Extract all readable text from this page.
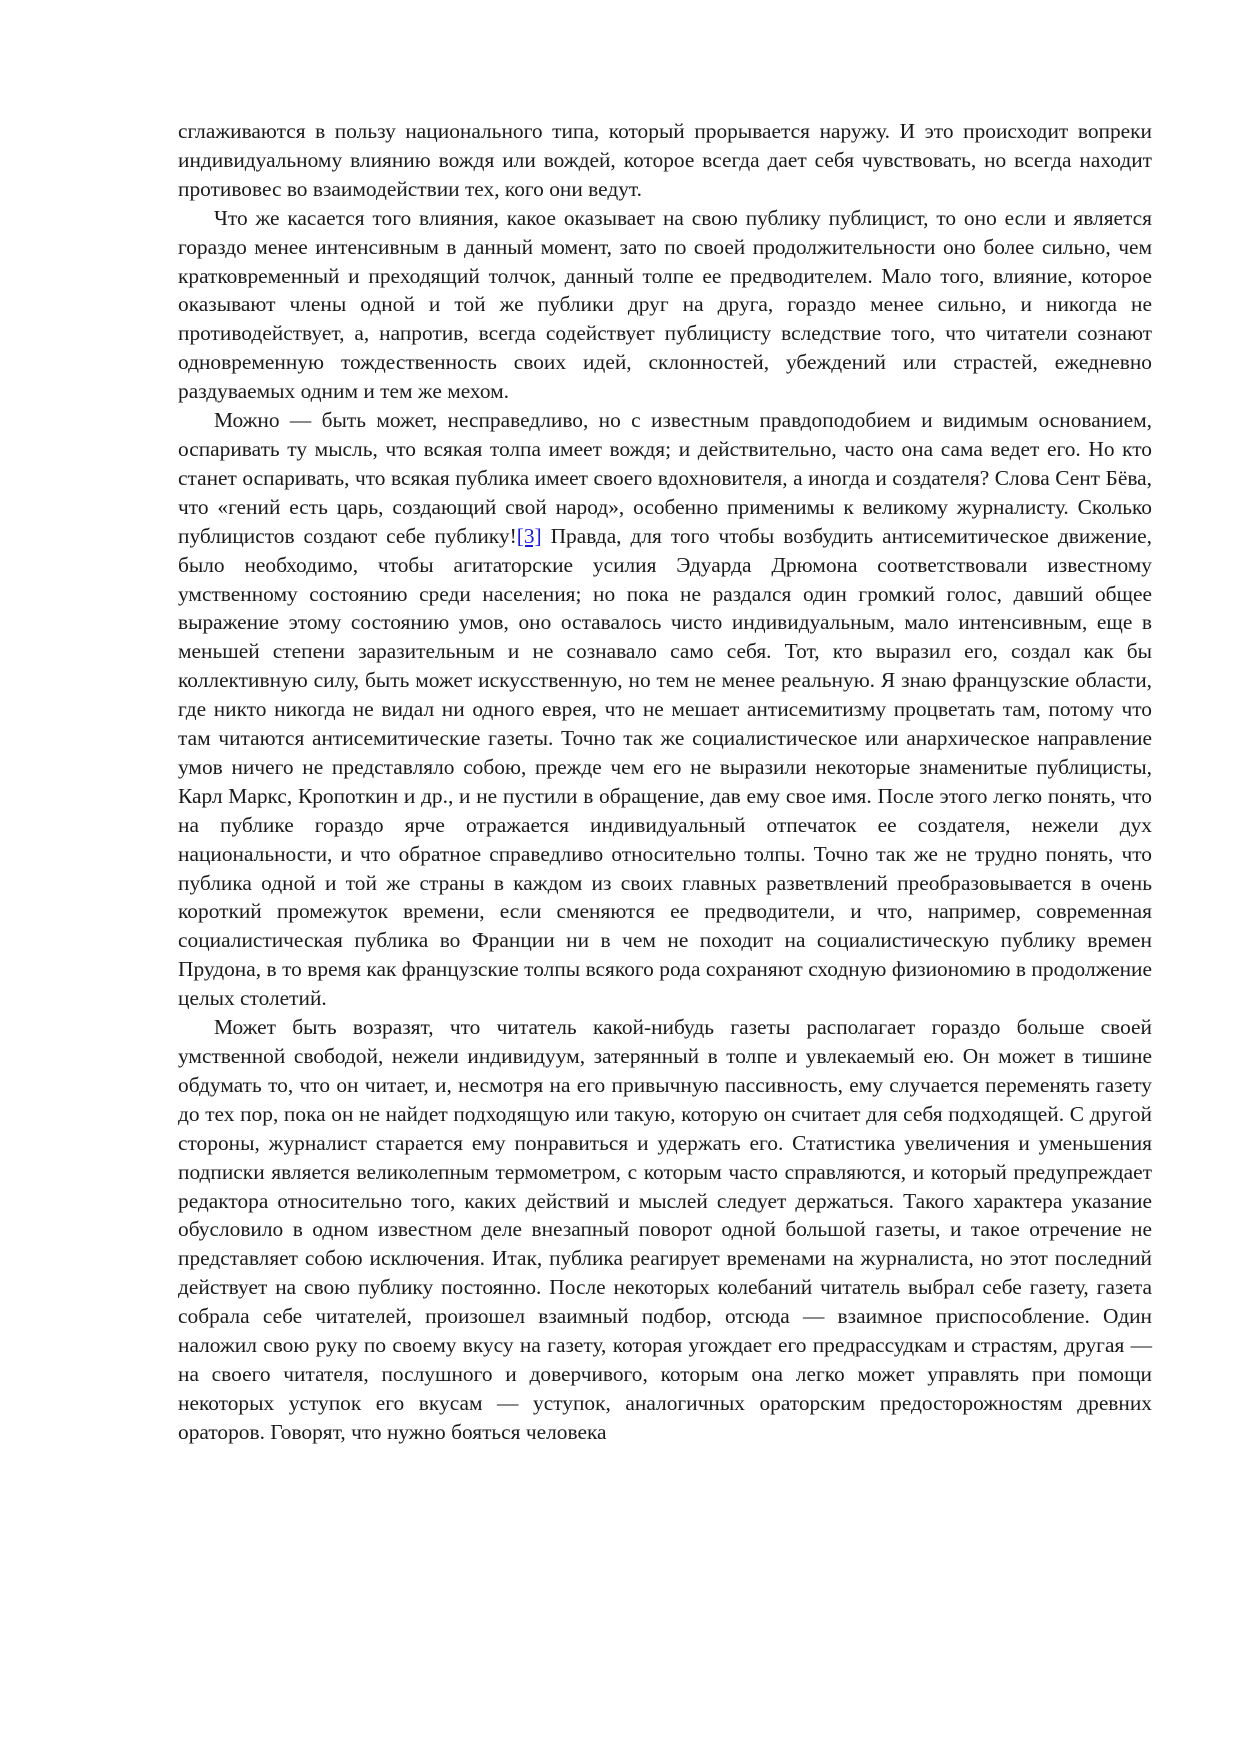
сглаживаются в пользу национального типа, который прорывается наружу. И это происходит вопреки индивидуальному влиянию вождя или вождей, которое всегда дает себя чувствовать, но всегда находит противовес во взаимодействии тех, кого они ведут.

Что же касается того влияния, какое оказывает на свою публику публицист, то оно если и является гораздо менее интенсивным в данный момент, зато по своей продолжительности оно более сильно, чем кратковременный и преходящий толчок, данный толпе ее предводителем. Мало того, влияние, которое оказывают члены одной и той же публики друг на друга, гораздо менее сильно, и никогда не противодействует, а, напротив, всегда содействует публицисту вследствие того, что читатели сознают одновременную тождественность своих идей, склонностей, убеждений или страстей, ежедневно раздуваемых одним и тем же мехом.

Можно — быть может, несправедливо, но с известным правдоподобием и видимым основанием, оспаривать ту мысль, что всякая толпа имеет вождя; и действительно, часто она сама ведет его. Но кто станет оспаривать, что всякая публика имеет своего вдохновителя, а иногда и создателя? Слова Сент Бёва, что «гений есть царь, создающий свой народ», особенно применимы к великому журналисту. Сколько публицистов создают себе публику![3] Правда, для того чтобы возбудить антисемитическое движение, было необходимо, чтобы агитаторские усилия Эдуарда Дрюмона соответствовали известному умственному состоянию среди населения; но пока не раздался один громкий голос, давший общее выражение этому состоянию умов, оно оставалось чисто индивидуальным, мало интенсивным, еще в меньшей степени заразительным и не сознавало само себя. Тот, кто выразил его, создал как бы коллективную силу, быть может искусственную, но тем не менее реальную. Я знаю французские области, где никто никогда не видал ни одного еврея, что не мешает антисемитизму процветать там, потому что там читаются антисемитические газеты. Точно так же социалистическое или анархическое направление умов ничего не представляло собою, прежде чем его не выразили некоторые знаменитые публицисты, Карл Маркс, Кропоткин и др., и не пустили в обращение, дав ему свое имя. После этого легко понять, что на публике гораздо ярче отражается индивидуальный отпечаток ее создателя, нежели дух национальности, и что обратное справедливо относительно толпы. Точно так же не трудно понять, что публика одной и той же страны в каждом из своих главных разветвлений преобразовывается в очень короткий промежуток времени, если сменяются ее предводители, и что, например, современная социалистическая публика во Франции ни в чем не походит на социалистическую публику времен Прудона, в то время как французские толпы всякого рода сохраняют сходную физиономию в продолжение целых столетий.

Может быть возразят, что читатель какой-нибудь газеты располагает гораздо больше своей умственной свободой, нежели индивидуум, затерянный в толпе и увлекаемый ею. Он может в тишине обдумать то, что он читает, и, несмотря на его привычную пассивность, ему случается переменять газету до тех пор, пока он не найдет подходящую или такую, которую он считает для себя подходящей. С другой стороны, журналист старается ему понравиться и удержать его. Статистика увеличения и уменьшения подписки является великолепным термометром, с которым часто справляются, и который предупреждает редактора относительно того, каких действий и мыслей следует держаться. Такого характера указание обусловило в одном известном деле внезапный поворот одной большой газеты, и такое отречение не представляет собою исключения. Итак, публика реагирует временами на журналиста, но этот последний действует на свою публику постоянно. После некоторых колебаний читатель выбрал себе газету, газета собрала себе читателей, произошел взаимный подбор, отсюда — взаимное приспособление. Один наложил свою руку по своему вкусу на газету, которая угождает его предрассудкам и страстям, другая — на своего читателя, послушного и доверчивого, которым она легко может управлять при помощи некоторых уступок его вкусам — уступок, аналогичных ораторским предосторожностям древних ораторов. Говорят, что нужно бояться человека
